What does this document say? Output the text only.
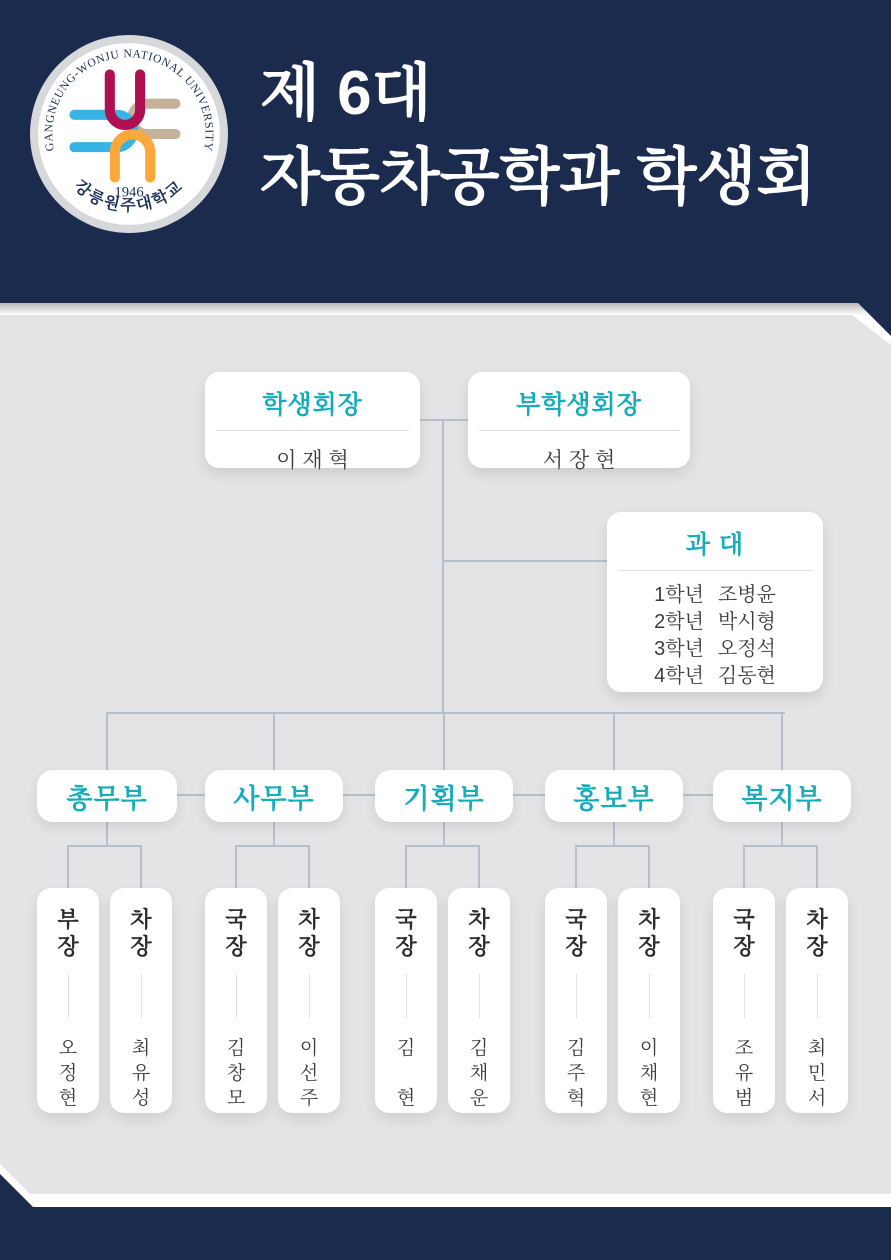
GANGNEUNG-WONJU NATIONAL UNIVERSITY
강릉원주대학교
1946
제 6대
자동차공학과 학생회
학생회장
이 재 혁
부학생회장
서 장 현
과 대
1학년 조병윤
2학년 박시형
3학년 오정석
4학년 김동현
총무부
부
장
오
정
현
차
장
최
유
성
사무부
국
장
김
창
모
차
장
이
선
주
기획부
국
장
김

현
차
장
김
채
운
홍보부
국
장
김
주
혁
차
장
이
채
현
복지부
국
장
조
유
범
차
장
최
민
서
